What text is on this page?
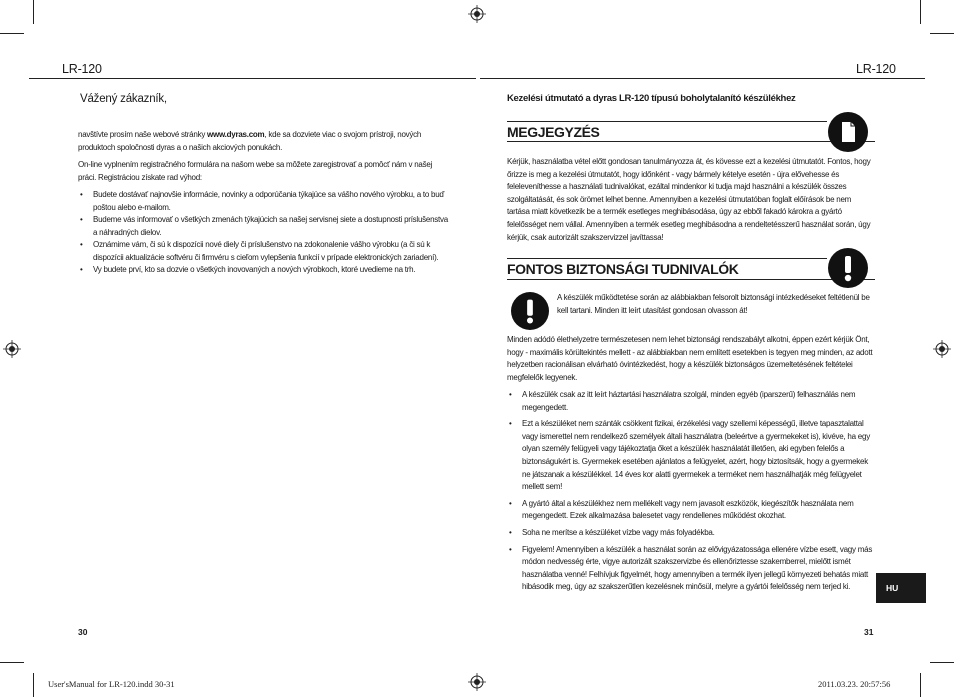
LR-120
Vážený zákazník,

navštívte prosím naše webové stránky www.dyras.com, kde sa dozviete viac o svojom prístroji, nových produktoch spoločnosti dyras a o našich akciových ponukách.

On-line vyplnením registračného formulára na našom webe sa môžete zaregistrovať a pomôcť nám v našej práci. Registráciou získate rad výhod:

• Budete dostávať najnovšie informácie, novinky a odporúčania týkajúce sa vášho nového výrobku, a to buď poštou alebo e-mailom.
• Budeme vás informovať o všetkých zmenách týkajúcich sa našej servisnej siete a dostupnosti príslušenstva a náhradných dielov.
• Oznámime vám, či sú k dispozícii nové diely či príslušenstvo na zdokonalenie vášho výrobku (a či sú k dispozícii aktualizácie softvéru či firmvéru s cieľom vylepšenia funkcií v prípade elektronických zariadení).
• Vy budete prví, kto sa dozvie o všetkých inovovaných a nových výrobkoch, ktoré uvedieme na trh.
30
LR-120
Kezelési útmutató a dyras LR-120 típusú boholytalanító készülékhez
MEGJEGYZÉS

Kérjük, használatba vétel előtt gondosan tanulmányozza át, és kövesse ezt a kezelési útmutatót. Fontos, hogy őrizze is meg a kezelési útmutatót, hogy időnként - vagy bármely kételye esetén - újra elővehesse és feleleveníthesse a használati tudnivalókat, ezáltal mindenkor ki tudja majd használni a készülék összes szolgáltatását, és sok örömet lelhet benne. Amennyiben a kezelési útmutatóban foglalt előírások be nem tartása miatt következik be a termék esetleges meghibásodása, úgy az ebből fakadó károkra a gyártó felelősséget nem vállal. Amennyiben a termék esetleg meghibásodna a rendeltetésszerű használat során, úgy kérjük, csak autorizált szakszervizzel javíttassa!

FONTOS BIZTONSÁGI TUDNIVALÓK

A készülék működtetése során az alábbiakban felsorolt biztonsági intézkedéseket feltétlenül be kell tartani. Minden itt leírt utasítást gondosan olvasson át!

Minden adódó élethelyzetre természetesen nem lehet biztonsági rendszabályt alkotni, éppen ezért kérjük Önt, hogy - maximális körültekintés mellett - az alábbiakban nem említett esetekben is tegyen meg minden, az adott helyzetben racionálisan elvárható óvintézkedést, hogy a készülék biztonságos üzemeltetésének feltételei megfelelők legyenek.

• A készülék csak az itt leírt háztartási használatra szolgál, minden egyéb (iparszerű) felhasználás nem megengedett.
• Ezt a készüléket nem szánták csökkent fizikai, érzékelési vagy szellemi képességű, illetve tapasztalattal vagy ismerettel nem rendelkező személyek általi használatra (beleértve a gyermekeket is), kivéve, ha egy olyan személy felügyeli vagy tájékoztatja őket a készülék használatát illetően, aki egyben felelős a biztonságukért is. Gyermekek esetében ajánlatos a felügyelet, azért, hogy biztosítsák, hogy a gyermekek ne játszanak a készülékkel. 14 éves kor alatti gyermekek a terméket nem használhatják még felügyelet mellett sem!
• A gyártó által a készülékhez nem mellékelt vagy nem javasolt eszközök, kiegészítők használata nem megengedett. Ezek alkalmazása balesetet vagy rendellenes működést okozhat.
• Soha ne merítse a készüléket vízbe vagy más folyadékba.
• Figyelem! Amennyiben a készülék a használat során az elővigyázatossága ellenére vízbe esett, vagy más módon nedvesség érte, vigye autorizált szakszervizbe és ellenőriztesse szakemberrel, mielőtt ismét használatba venné! Felhívjuk figyelmét, hogy amennyiben a termék ilyen jellegű környezeti behatás miatt hibásodik meg, úgy az szakszerűtlen kezelésnek minősül, melyre a gyártói felelősség nem terjed ki.	HU
31
User'sManual for LR-120.indd 30-31	2011.03.23. 20:57:56
